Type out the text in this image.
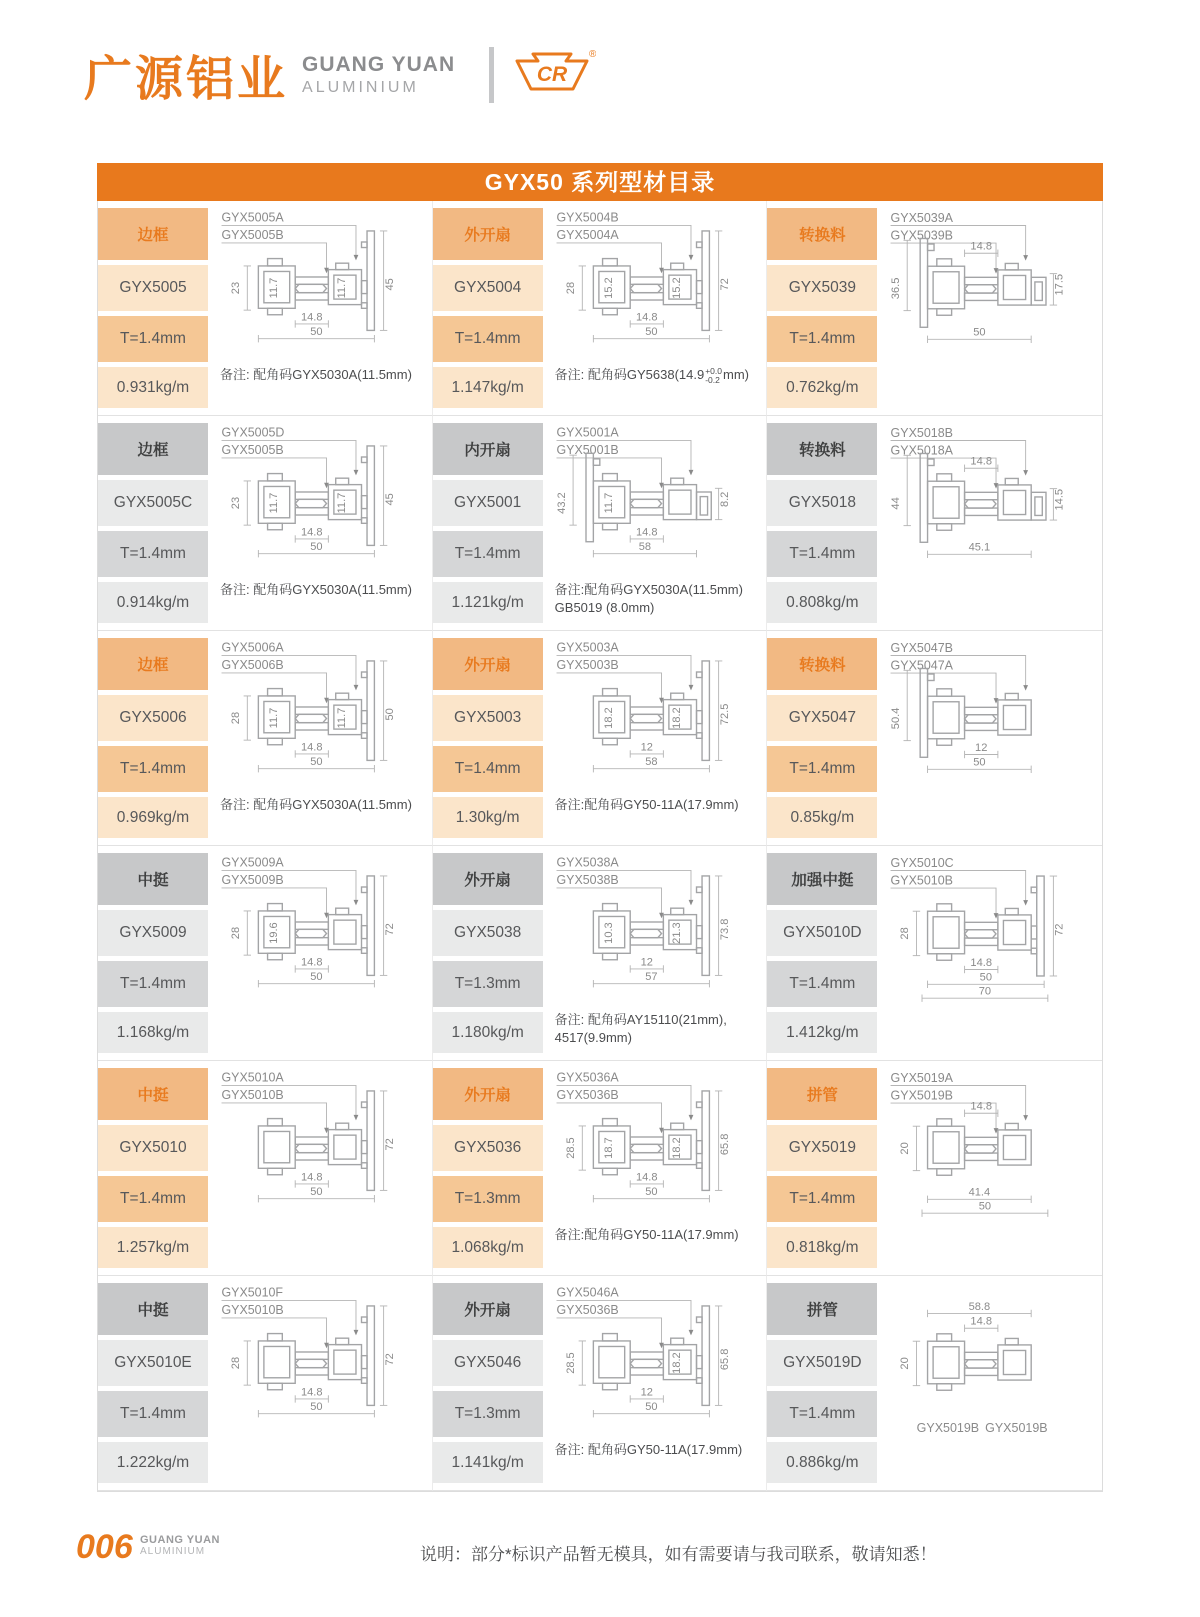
广源铝业 GUANG YUAN
ALUMINIUM
CR
®
GYX50 系列型材目录
边框
GYX5005
T=1.4mm
0.931kg/m
GYX5005A
GYX5005B
23 11.7	11.7
14.8
50
45
备注: 配角码GYX5030A(11.5mm)
外开扇
GYX5004
T=1.4mm
1.147kg/m
GYX5004B
GYX5004A
28 15.2	15.2
14.8
50
72
备注: 配角码GY5638(14.9 +0.0
-0.2 mm)
转换料
GYX5039
T=1.4mm
0.762kg/m
GYX5039A
GYX5039B
36.5
50
17.5
14.8
边框
GYX5005C
T=1.4mm
0.914kg/m
GYX5005D
GYX5005B
23 11.7	11.7
14.8
50
45
备注: 配角码GYX5030A(11.5mm)
内开扇
GYX5001
T=1.4mm
1.121kg/m
GYX5001A
GYX5001B
43.2	11.7
14.8
58
8.2
备注:配角码GYX5030A(11.5mm)
GB5019 (8.0mm)
转换料
GYX5018
T=1.4mm
0.808kg/m
GYX5018B
GYX5018A
44
45.1
14.5
14.8
边框
GYX5006
T=1.4mm
0.969kg/m
GYX5006A
GYX5006B
28 11.7	11.7
14.8
50
50
备注: 配角码GYX5030A(11.5mm)
外开扇
GYX5003
T=1.4mm
1.30kg/m
GYX5003A
GYX5003B
18.2	18.2
12
58
72.5
备注:配角码GY50-11A(17.9mm)
转换料
GYX5047
T=1.4mm
0.85kg/m
GYX5047B
GYX5047A
50.4
12
50
中挺
GYX5009
T=1.4mm
1.168kg/m
GYX5009A
GYX5009B
28 19.6
14.8
50
72
外开扇
GYX5038
T=1.3mm
1.180kg/m
GYX5038A
GYX5038B
10.3	21.3
12
57
73.8
备注: 配角码AY15110(21mm),
4517(9.9mm)
加强中挺
GYX5010D
T=1.4mm
1.412kg/m
GYX5010C
GYX5010B
28
14.8
50
70
72
中挺
GYX5010
T=1.4mm
1.257kg/m
GYX5010A
GYX5010B
14.8
50
72
外开扇
GYX5036
T=1.3mm
1.068kg/m
GYX5036A
GYX5036B
28.5 18.7	18.2
14.8
50
65.8
备注:配角码GY50-11A(17.9mm)
拼管
GYX5019
T=1.4mm
0.818kg/m
GYX5019A
GYX5019B
20
41.4
50
14.8
中挺
GYX5010E
T=1.4mm
1.222kg/m
GYX5010F
GYX5010B
28
14.8
50
72
外开扇
GYX5046
T=1.3mm
1.141kg/m
GYX5046A
GYX5036B
28.5	18.2
12
50
65.8
备注: 配角码GY50-11A(17.9mm)
拼管
GYX5019D
T=1.4mm
0.886kg/m
20
14.8
58.8
GYX5019B GYX5019B
006 GUANG YUAN
ALUMINIUM	说明：部分*标识产品暂无模具，如有需要请与我司联系，敬请知悉！
